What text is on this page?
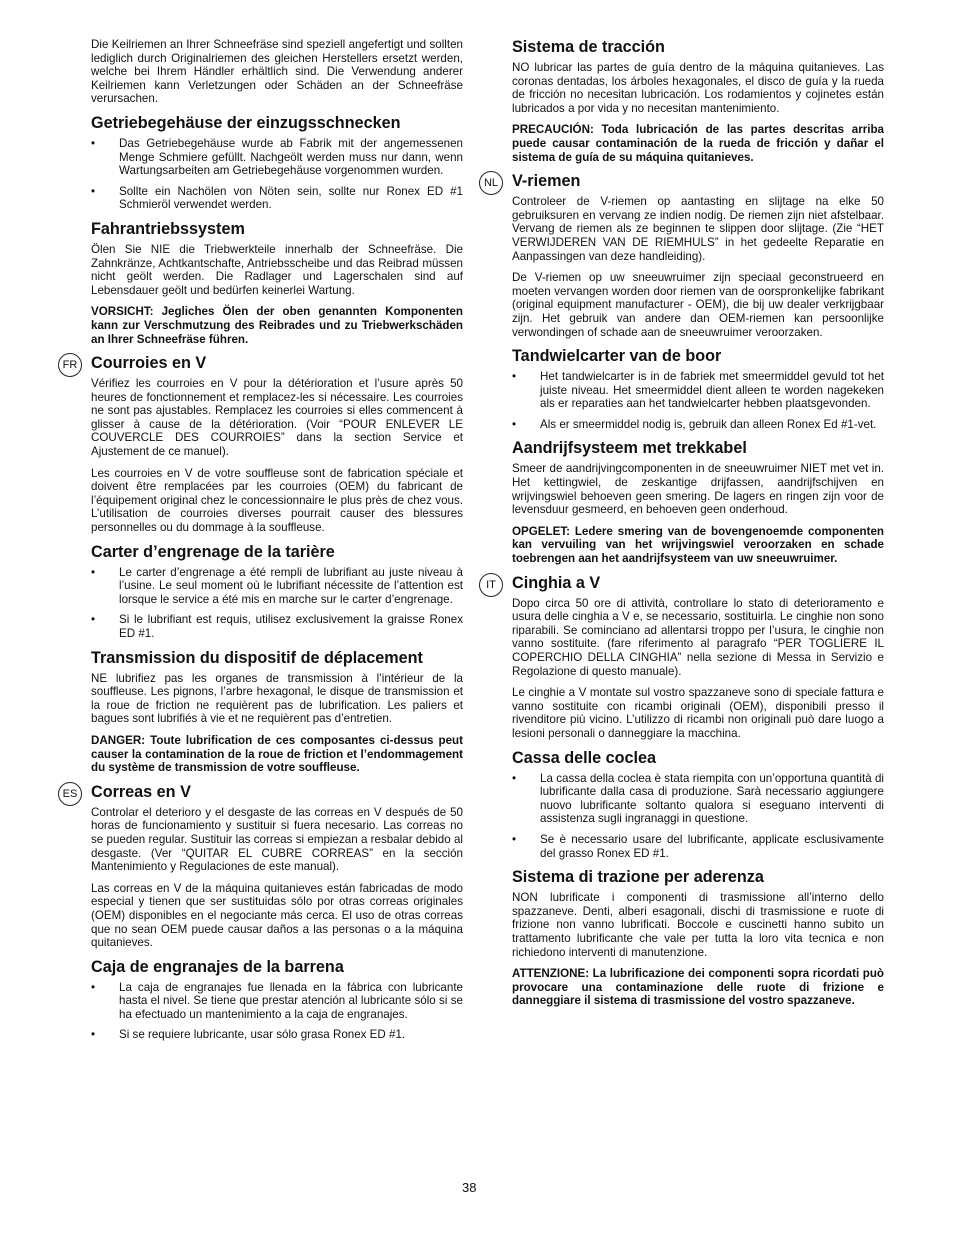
Die Keilriemen an Ihrer Schneefräse sind speziell angefertigt und sollten lediglich durch Originalriemen des gleichen Herstellers ersetzt werden, welche bei Ihrem Händler erhältlich sind. Die Verwendung anderer Keilriemen kann Verletzungen oder Schäden an der Schneefräse verursachen.

Getriebegehäuse der einzugsschnecken
• Das Getriebegehäuse wurde ab Fabrik mit der angemessenen Menge Schmiere gefüllt. Nachgeölt werden muss nur dann, wenn Wartungsarbeiten am Getriebegehäuse vorgenommen wurden.
• Sollte ein Nachölen von Nöten sein, sollte nur Ronex ED #1 Schmieröl verwendet werden.
Fahrantriebssystem

Ölen Sie NIE die Triebwerkteile innerhalb der Schneefräse. Die Zahnkränze, Achtkantschafte, Antriebsscheibe und das Reibrad müssen nicht geölt werden. Die Radlager und Lagerschalen sind auf Lebensdauer geölt und bedürfen keinerlei Wartung.

VORSICHT: Jegliches Ölen der oben genannten Komponenten kann zur Verschmutzung des Reibrades und zu Triebwerkschäden an Ihrer Schneefräse führen.

FR Courroies en V

Vérifiez les courroies en V pour la détérioration et l’usure après 50 heures de fonctionnement et remplacez-les si nécessaire. Les courroies ne sont pas ajustables. Remplacez les courroies si elles commencent à glisser à cause de la détérioration. (Voir “POUR ENLEVER LE COUVERCLE DES COURROIES” dans la section Service et Ajustement de ce manuel).

Les courroies en V de votre souffleuse sont de fabrication spéciale et doivent être remplacées par les courroies (OEM) du fabricant de l’équipement original chez le concessionnaire le plus près de chez vous. L’utilisation de courroies diverses pourrait causer des blessures personnelles ou du dommage à la souffleuse.

Carter d’engrenage de la tarière
• Le carter d’engrenage a été rempli de lubrifiant au juste niveau à l’usine. Le seul moment où le lubrifiant nécessite de l’attention est lorsque le service a été mis en marche sur le carter d’engrenage.
• Si le lubrifiant est requis, utilisez exclusivement la graisse Ronex ED #1.
Transmission du dispositif de déplacement

NE lubrifiez pas les organes de transmission à l’intérieur de la souffleuse. Les pignons, l’arbre hexagonal, le disque de transmission et la roue de friction ne requièrent pas de lubrification. Les paliers et bagues sont lubrifiés à vie et ne requièrent pas d’entretien.

DANGER: Toute lubrification de ces composantes ci-dessus peut causer la contamination de la roue de friction et l’endommagement du système de transmission de votre souffleuse.

ES Correas en V

Controlar el deterioro y el desgaste de las correas en V después de 50 horas de funcionamiento y sustituir si fuera necesario. Las correas no se pueden regular. Sustituir las correas si empiezan a resbalar debido al desgaste. (Ver “QUITAR EL CUBRE CORREAS” en la sección Mantenimiento y Regulaciones de este manual).

Las correas en V de la máquina quitanieves están fabricadas de modo especial y tienen que ser sustituidas sólo por otras correas originales (OEM) disponibles en el negociante más cerca. El uso de otras correas que no sean OEM puede causar daños a las personas o a la máquina quitanieves.

Caja de engranajes de la barrena
• La caja de engranajes fue llenada en la fábrica con lubricante hasta el nivel. Se tiene que prestar atención al lubricante sólo si se ha efectuado un mantenimiento a la caja de engranajes.
• Si se requiere lubricante, usar sólo grasa Ronex ED #1.
Sistema de tracción

NO lubricar las partes de guía dentro de la máquina quitanieves. Las coronas dentadas, los árboles hexagonales, el disco de guía y la rueda de fricción no necesitan lubricación. Los rodamientos y cojinetes están lubricados a por vida y no necesitan mantenimiento.

PRECAUCIÓN: Toda lubricación de las partes descritas arriba puede causar contaminación de la rueda de fricción y dañar el sistema de guía de su máquina quitanieves.

NL V-riemen

Controleer de V-riemen op aantasting en slijtage na elke 50 gebruiksuren en vervang ze indien nodig. De riemen zijn niet afstelbaar. Vervang de riemen als ze beginnen te slippen door slijtage. (Zie “HET VERWIJDEREN VAN DE RIEMHULS” in het gedeelte Reparatie en Aanpassingen van deze handleiding).

De V-riemen op uw sneeuwruimer zijn speciaal geconstrueerd en moeten vervangen worden door riemen van de oorspronkelijke fabrikant (original equipment manufacturer - OEM), die bij uw dealer verkrijgbaar zijn. Het gebruik van andere dan OEM-riemen kan persoonlijke verwondingen of schade aan de sneeuwruimer veroorzaken.

Tandwielcarter van de boor
• Het tandwielcarter is in de fabriek met smeermiddel gevuld tot het juiste niveau. Het smeermiddel dient alleen te worden nagekeken als er reparaties aan het tandwielcarter hebben plaatsgevonden.
• Als er smeermiddel nodig is, gebruik dan alleen Ronex Ed #1-vet.
Aandrijfsysteem met trekkabel

Smeer de aandrijvingcomponenten in de sneeuwruimer NIET met vet in. Het kettingwiel, de zeskantige drijfassen, aandrijfschijven en wrijvingswiel behoeven geen smering. De lagers en ringen zijn voor de levensduur gesmeerd, en behoeven geen onderhoud.

OPGELET: Ledere smering van de bovengenoemde componenten kan vervuiling van het wrijvingswiel veroorzaken en schade toebrengen aan het aandrijfsysteem van uw sneeuwruimer.

IT Cinghia a V

Dopo circa 50 ore di attività, controllare lo stato di deterioramento e usura delle cinghia a V e, se necessario, sostituirla. Le cinghie non sono riparabili. Se cominciano ad allentarsi troppo per l’usura, le cinghie non vanno sostituite. (fare riferimento al paragrafo “PER TOGLIERE IL COPERCHIO DELLA CINGHIA” nella sezione di Messa in Servizio e Regolazione di questo manuale).

Le cinghie a V montate sul vostro spazzaneve sono di speciale fattura e vanno sostituite con ricambi originali (OEM), disponibili presso il rivenditore più vicino. L’utilizzo di ricambi non originali può dare luogo a lesioni personali o danneggiare la macchina.

Cassa delle coclea
• La cassa della coclea è stata riempita con un’opportuna quantità di lubrificante dalla casa di produzione. Sarà necessario aggiungere nuovo lubrificante soltanto qualora si eseguano interventi di assistenza sugli ingranaggi in questione.
• Se è necessario usare del lubrificante, applicate esclusivamente del grasso Ronex ED #1.
Sistema di trazione per aderenza

NON lubrificate i componenti di trasmissione all’interno dello spazzaneve. Denti, alberi esagonali, dischi di trasmissione e ruote di frizione non vanno lubrificati. Boccole e cuscinetti hanno subito un trattamento lubrificante che vale per tutta la loro vita tecnica e non richiedono interventi di manutenzione.

ATTENZIONE: La lubrificazione dei componenti sopra ricordati può provocare una contaminazione delle ruote di frizione e danneggiare il sistema di trasmissione del vostro spazzaneve.

38
